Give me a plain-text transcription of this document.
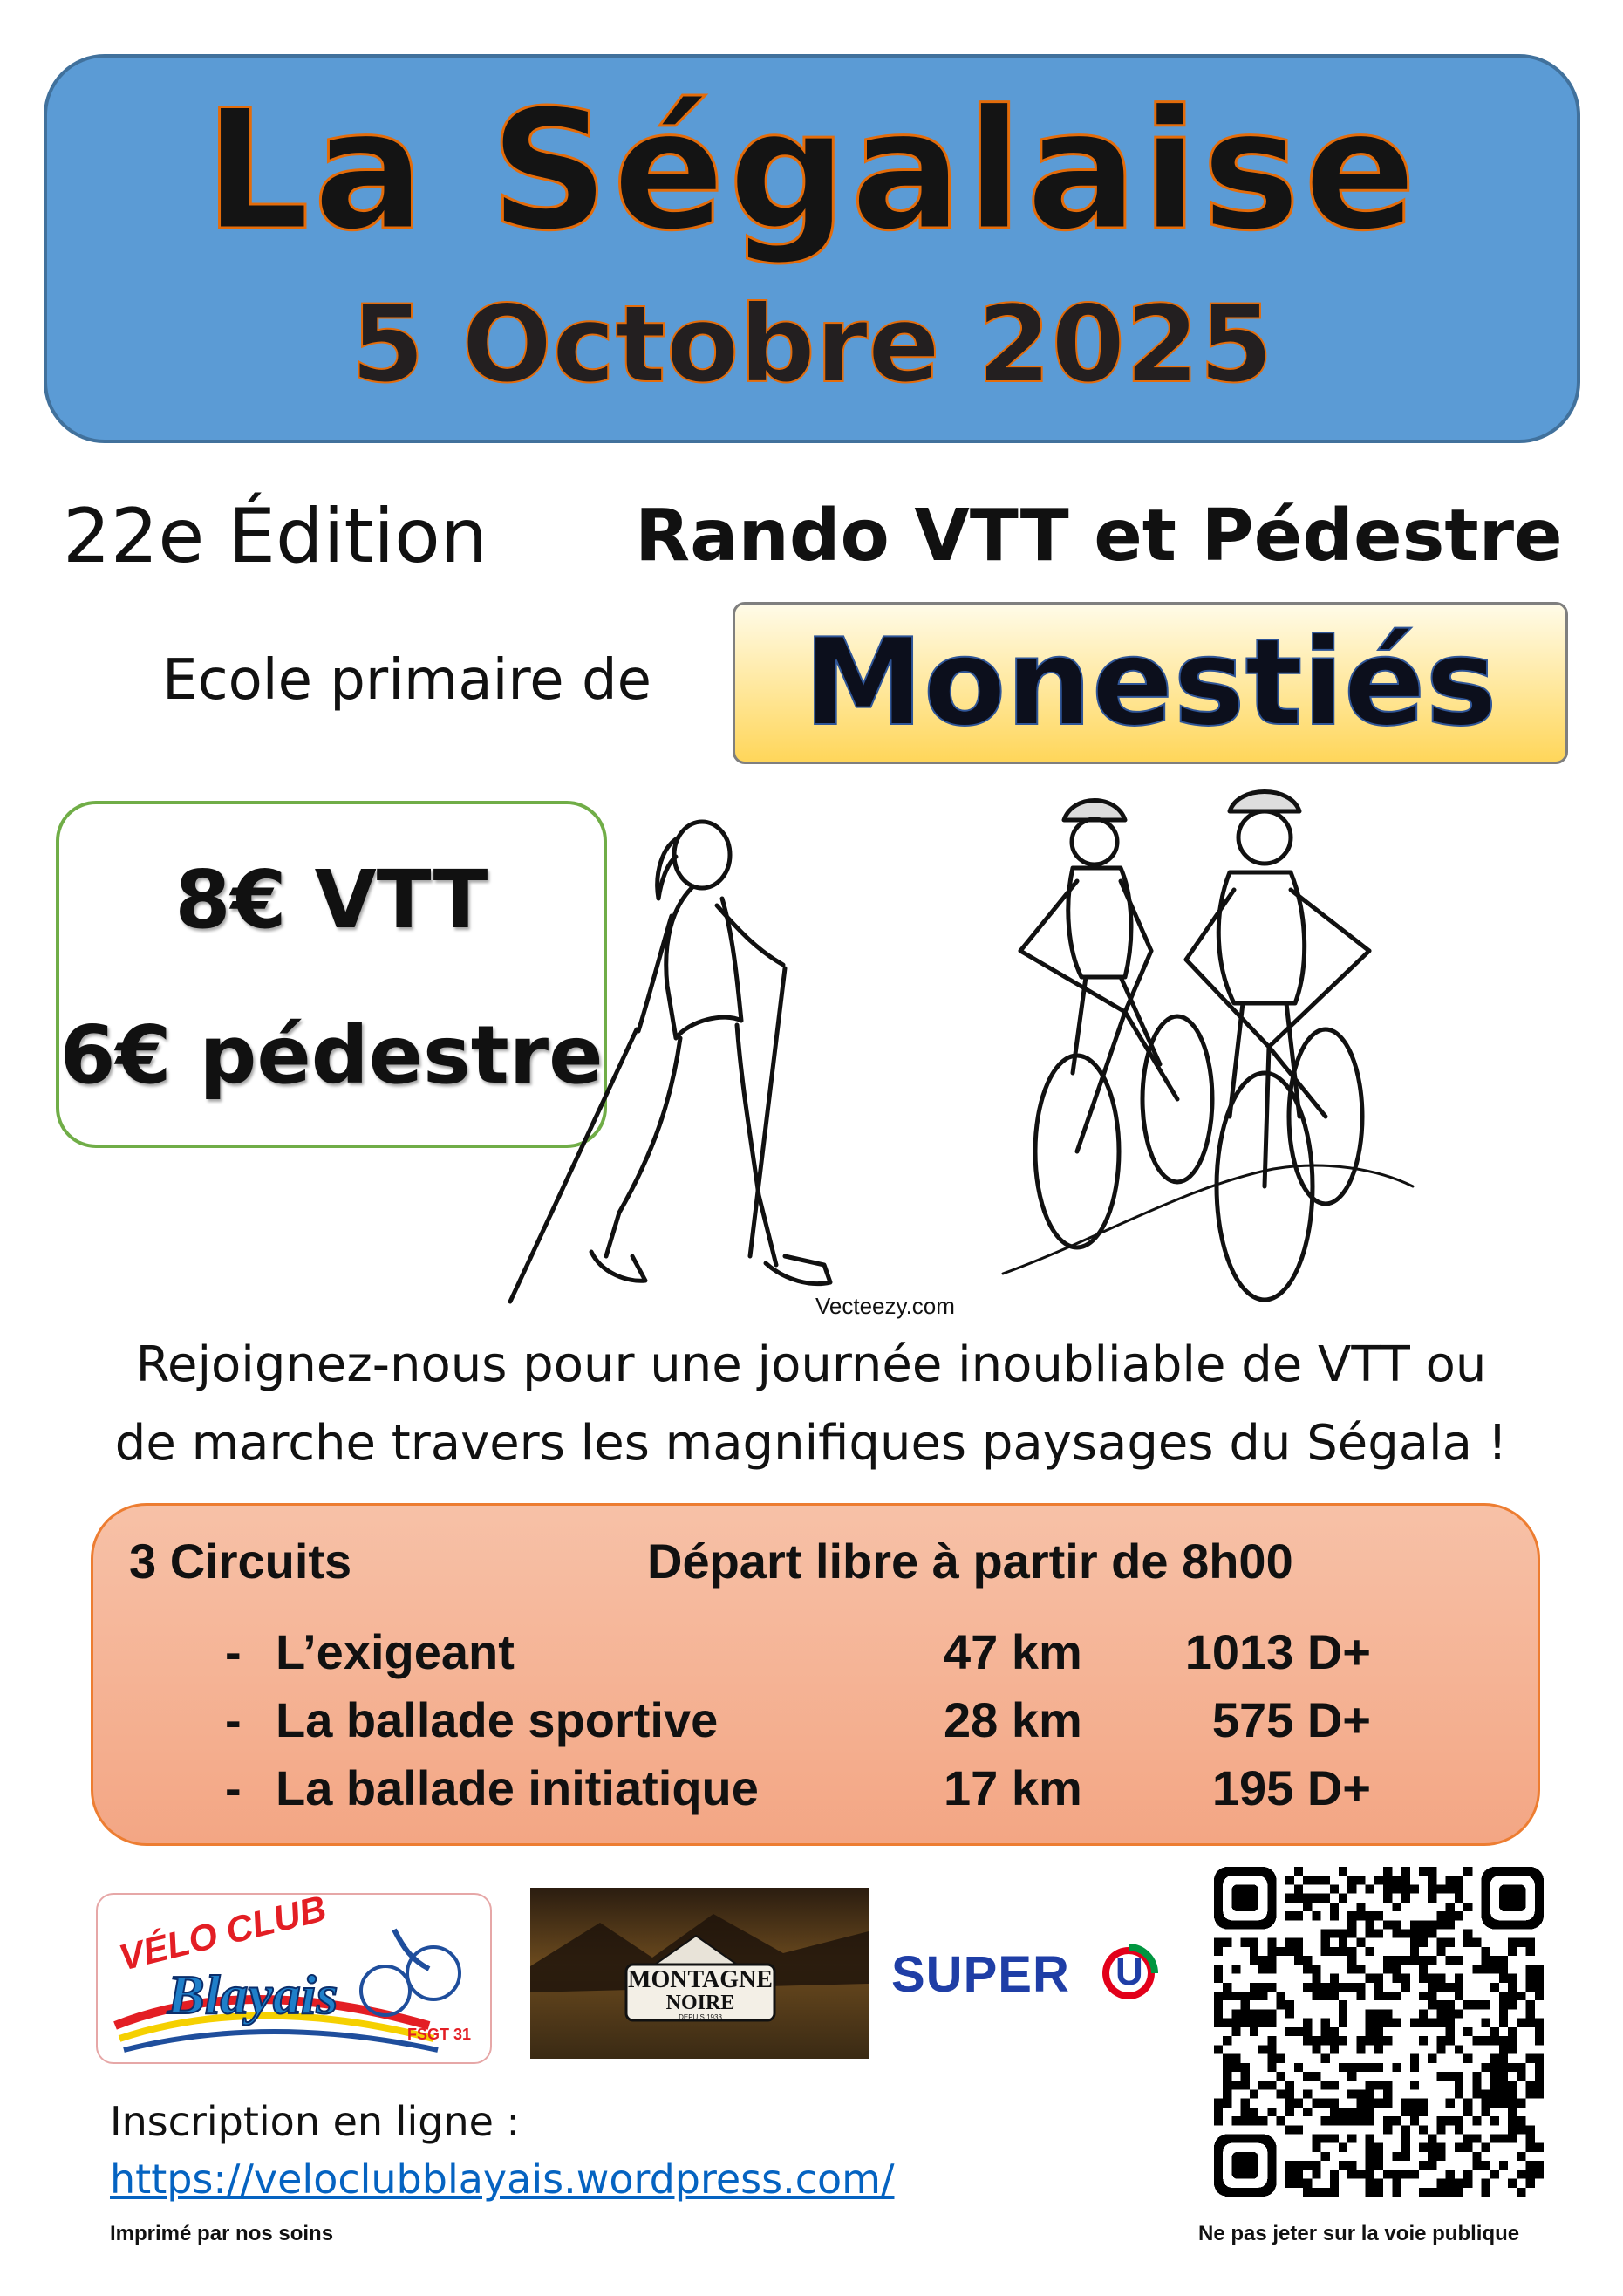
La Ségalaise
5 Octobre 2025
22e Édition Rando VTT et Pédestre
Ecole primaire de	Monestiés
8€ VTT
6€ pédestre
Vecteezy.com
Rejoignez-nous pour une journée inoubliable de VTT ou
de marche travers les magnifiques paysages du Ségala !
3 Circuits	Départ libre à partir de 8h00
- L’exigeant	47 km	1013 D+
- La ballade sportive	28 km	575 D+
- La ballade initiatique	17 km	195 D+
VÉLO CLUB
Blayais
FSGT 31
MONTAGNE
NOIRE
DEPUIS 1933
SUPER U
Inscription en ligne :
https://veloclubblayais.wordpress.com/
Imprimé par nos soins	Ne pas jeter sur la voie publique
